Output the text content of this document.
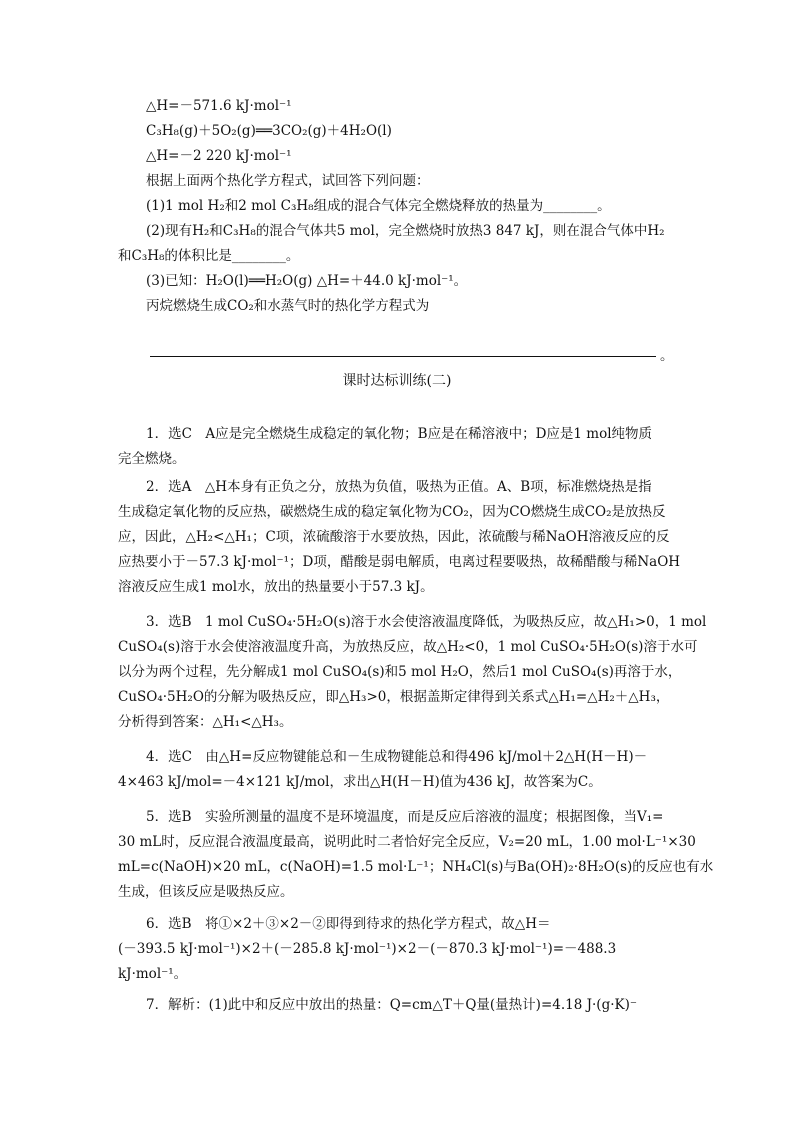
△H=－571.6 kJ·mol⁻¹
C₃H₈(g)＋5O₂(g)══3CO₂(g)＋4H₂O(l)
△H=－2 220 kJ·mol⁻¹
根据上面两个热化学方程式，试回答下列问题：
(1)1 mol H₂和2 mol C₃H₈组成的混合气体完全燃烧释放的热量为________。
(2)现有H₂和C₃H₈的混合气体共5 mol，完全燃烧时放热3 847 kJ，则在混合气体中H₂
和C₃H₈的体积比是________。
(3)已知：H₂O(l)══H₂O(g) △H=＋44.0 kJ·mol⁻¹。
丙烷燃烧生成CO₂和水蒸气时的热化学方程式为
。
课时达标训练(二)
1．选C　A应是完全燃烧生成稳定的氧化物；B应是在稀溶液中；D应是1 mol纯物质
完全燃烧。
2．选A　△H本身有正负之分，放热为负值，吸热为正值。A、B项，标准燃烧热是指
生成稳定氧化物的反应热，碳燃烧生成的稳定氧化物为CO₂，因为CO燃烧生成CO₂是放热反
应，因此，△H₂<△H₁；C项，浓硫酸溶于水要放热，因此，浓硫酸与稀NaOH溶液反应的反
应热要小于－57.3 kJ·mol⁻¹；D项，醋酸是弱电解质，电离过程要吸热，故稀醋酸与稀NaOH
溶液反应生成1 mol水，放出的热量要小于57.3 kJ。
3．选B　1 mol CuSO₄·5H₂O(s)溶于水会使溶液温度降低，为吸热反应，故△H₁>0，1 mol
CuSO₄(s)溶于水会使溶液温度升高，为放热反应，故△H₂<0，1 mol CuSO₄·5H₂O(s)溶于水可
以分为两个过程，先分解成1 mol CuSO₄(s)和5 mol H₂O，然后1 mol CuSO₄(s)再溶于水，
CuSO₄·5H₂O的分解为吸热反应，即△H₃>0，根据盖斯定律得到关系式△H₁=△H₂＋△H₃，
分析得到答案：△H₁<△H₃。
4．选C　由△H=反应物键能总和－生成物键能总和得496 kJ/mol＋2△H(H－H)－
4×463 kJ/mol=－4×121 kJ/mol，求出△H(H－H)值为436 kJ，故答案为C。
5．选B　实验所测量的温度不是环境温度，而是反应后溶液的温度；根据图像，当V₁=
30 mL时，反应混合液温度最高，说明此时二者恰好完全反应，V₂=20 mL，1.00 mol·L⁻¹×30
mL=c(NaOH)×20 mL，c(NaOH)=1.5 mol·L⁻¹；NH₄Cl(s)与Ba(OH)₂·8H₂O(s)的反应也有水
生成，但该反应是吸热反应。
6．选B　将①×2＋③×2－②即得到待求的热化学方程式，故△H＝
(－393.5 kJ·mol⁻¹)×2＋(－285.8 kJ·mol⁻¹)×2－(－870.3 kJ·mol⁻¹)=－488.3
kJ·mol⁻¹。
7．解析：(1)此中和反应中放出的热量：Q=cm△T＋Q量(量热计)=4.18 J·(g·K)⁻
